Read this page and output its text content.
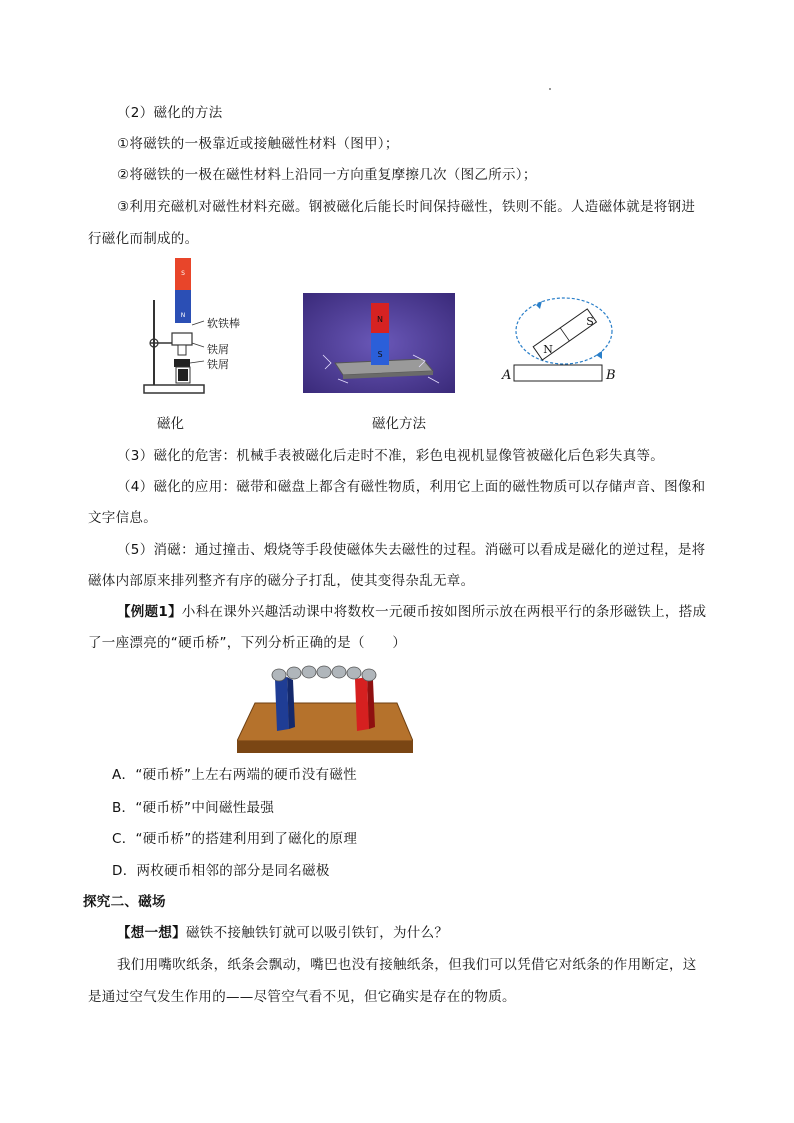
（2）磁化的方法
①将磁铁的一极靠近或接触磁性材料（图甲）；
②将磁铁的一极在磁性材料上沿同一方向重复摩擦几次（图乙所示）；
③利用充磁机对磁性材料充磁。钢被磁化后能长时间保持磁性，铁则不能。人造磁体就是将钢进
行磁化而制成的。
S
N
软铁棒
铁屑
铁屑
磁化
N
S
磁化方法
N
S
A	B
（3）磁化的危害：机械手表被磁化后走时不准，彩色电视机显像管被磁化后色彩失真等。
（4）磁化的应用：磁带和磁盘上都含有磁性物质，利用它上面的磁性物质可以存储声音、图像和
文字信息。
（5）消磁：通过撞击、煅烧等手段使磁体失去磁性的过程。消磁可以看成是磁化的逆过程，是将
磁体内部原来排列整齐有序的磁分子打乱，使其变得杂乱无章。
【例题1】小科在课外兴趣活动课中将数枚一元硬币按如图所示放在两根平行的条形磁铁上，搭成
了一座漂亮的“硬币桥”，下列分析正确的是（　　）
A．“硬币桥”上左右两端的硬币没有磁性
B．“硬币桥”中间磁性最强
C．“硬币桥”的搭建利用到了磁化的原理
D．两枚硬币相邻的部分是同名磁极
探究二、磁场
【想一想】磁铁不接触铁钉就可以吸引铁钉，为什么？
我们用嘴吹纸条，纸条会飘动，嘴巴也没有接触纸条，但我们可以凭借它对纸条的作用断定，这
是通过空气发生作用的——尽管空气看不见，但它确实是存在的物质。
